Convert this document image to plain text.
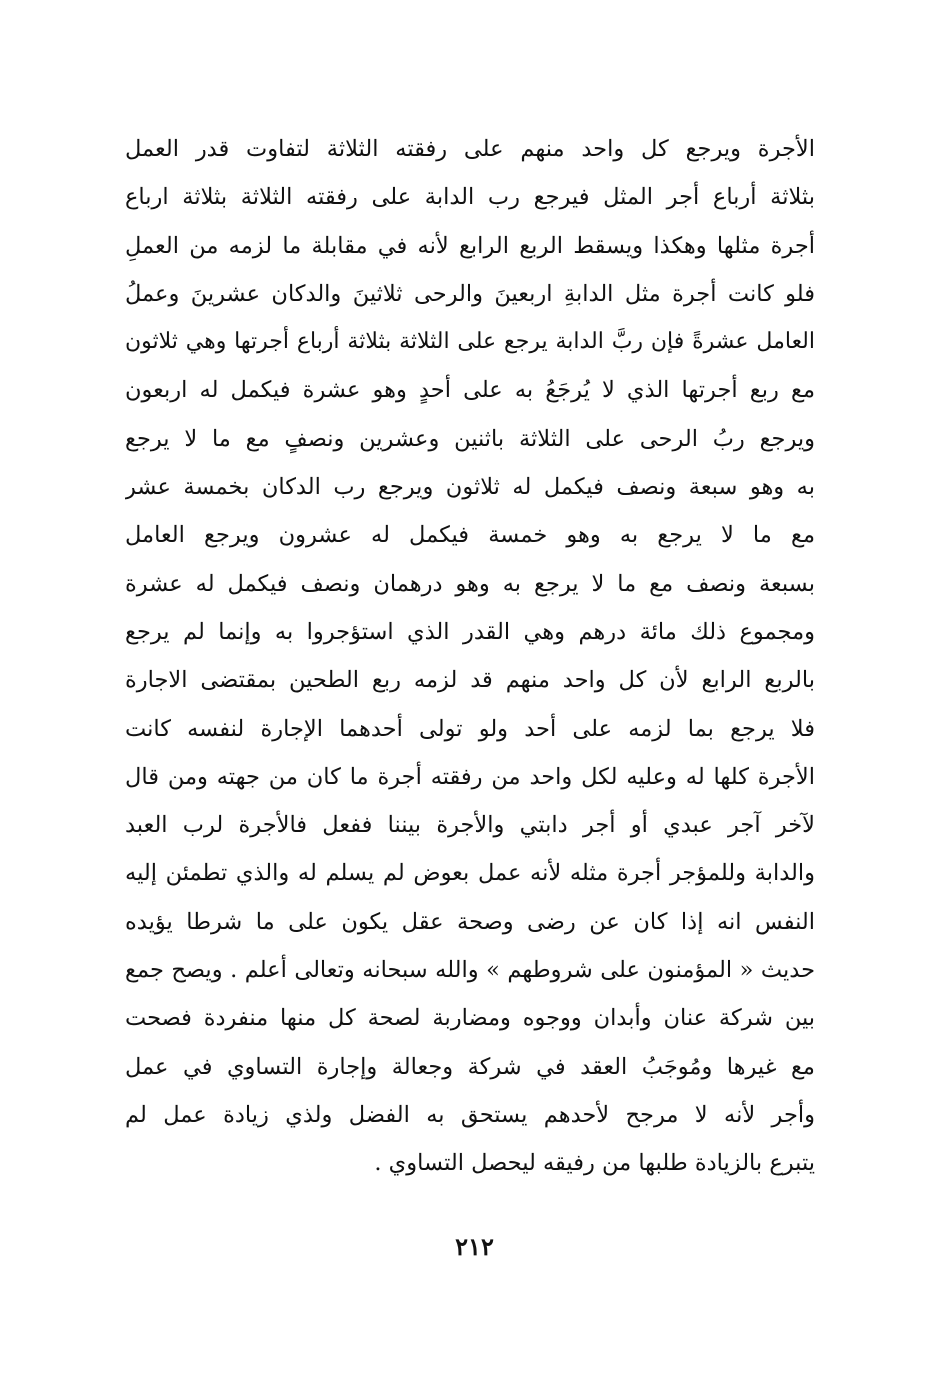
الأجرة ويرجع كل واحد منهم على رفقته الثلاثة لتفاوت قدر العمل
بثلاثة أرباع أجر المثل فيرجع رب الدابة على رفقته الثلاثة بثلاثة ارباع
أجرة مثلها وهكذا ويسقط الربع الرابع لأنه في مقابلة ما لزمه من العملِ
فلو كانت أجرة مثل الدابةِ اربعينَ والرحى ثلاثينَ والدكان عشرينَ وعملُ
العامل عشرةً فإن ربَّ الدابة يرجع على الثلاثة بثلاثة أرباع أجرتها وهي ثلاثون
مع ربع أجرتها الذي لا يُرجَعُ به على أحدٍ وهو عشرة فيكمل له اربعون
ويرجع ربُ الرحى على الثلاثة باثنين وعشرين ونصفٍ مع ما لا يرجع
به وهو سبعة ونصف فيكمل له ثلاثون ويرجع رب الدكان بخمسة عشر
مع ما لا يرجع به وهو خمسة فيكمل له عشرون ويرجع العامل
بسبعة ونصف مع ما لا يرجع به وهو درهمان ونصف فيكمل له عشرة
ومجموع ذلك مائة درهم وهي القدر الذي استؤجروا به وإنما لم يرجع
بالربع الرابع لأن كل واحد منهم قد لزمه ربع الطحين بمقتضى الاجارة
فلا يرجع بما لزمه على أحد ولو تولى أحدهما الإجارة لنفسه كانت
الأجرة كلها له وعليه لكل واحد من رفقته أجرة ما كان من جهته ومن قال
لآخر آجر عبدي أو أجر دابتي والأجرة بيننا ففعل فالأجرة لرب العبد
والدابة وللمؤجر أجرة مثله لأنه عمل بعوض لم يسلم له والذي تطمئن إليه
النفس انه إذا كان عن رضى وصحة عقل يكون على ما شرطا يؤيده
حديث « المؤمنون على شروطهم » والله سبحانه وتعالى أعلم . ويصح جمع
بين شركة عنان وأبدان ووجوه ومضاربة لصحة كل منها منفردة فصحت
مع غيرها ومُوجَبُ العقد في شركة وجعالة وإجارة التساوي في عمل
وأجر لأنه لا مرجح لأحدهم يستحق به الفضل ولذي زيادة عمل لم
يتبرع بالزيادة طلبها من رفيقه ليحصل التساوي .
٢١٢
